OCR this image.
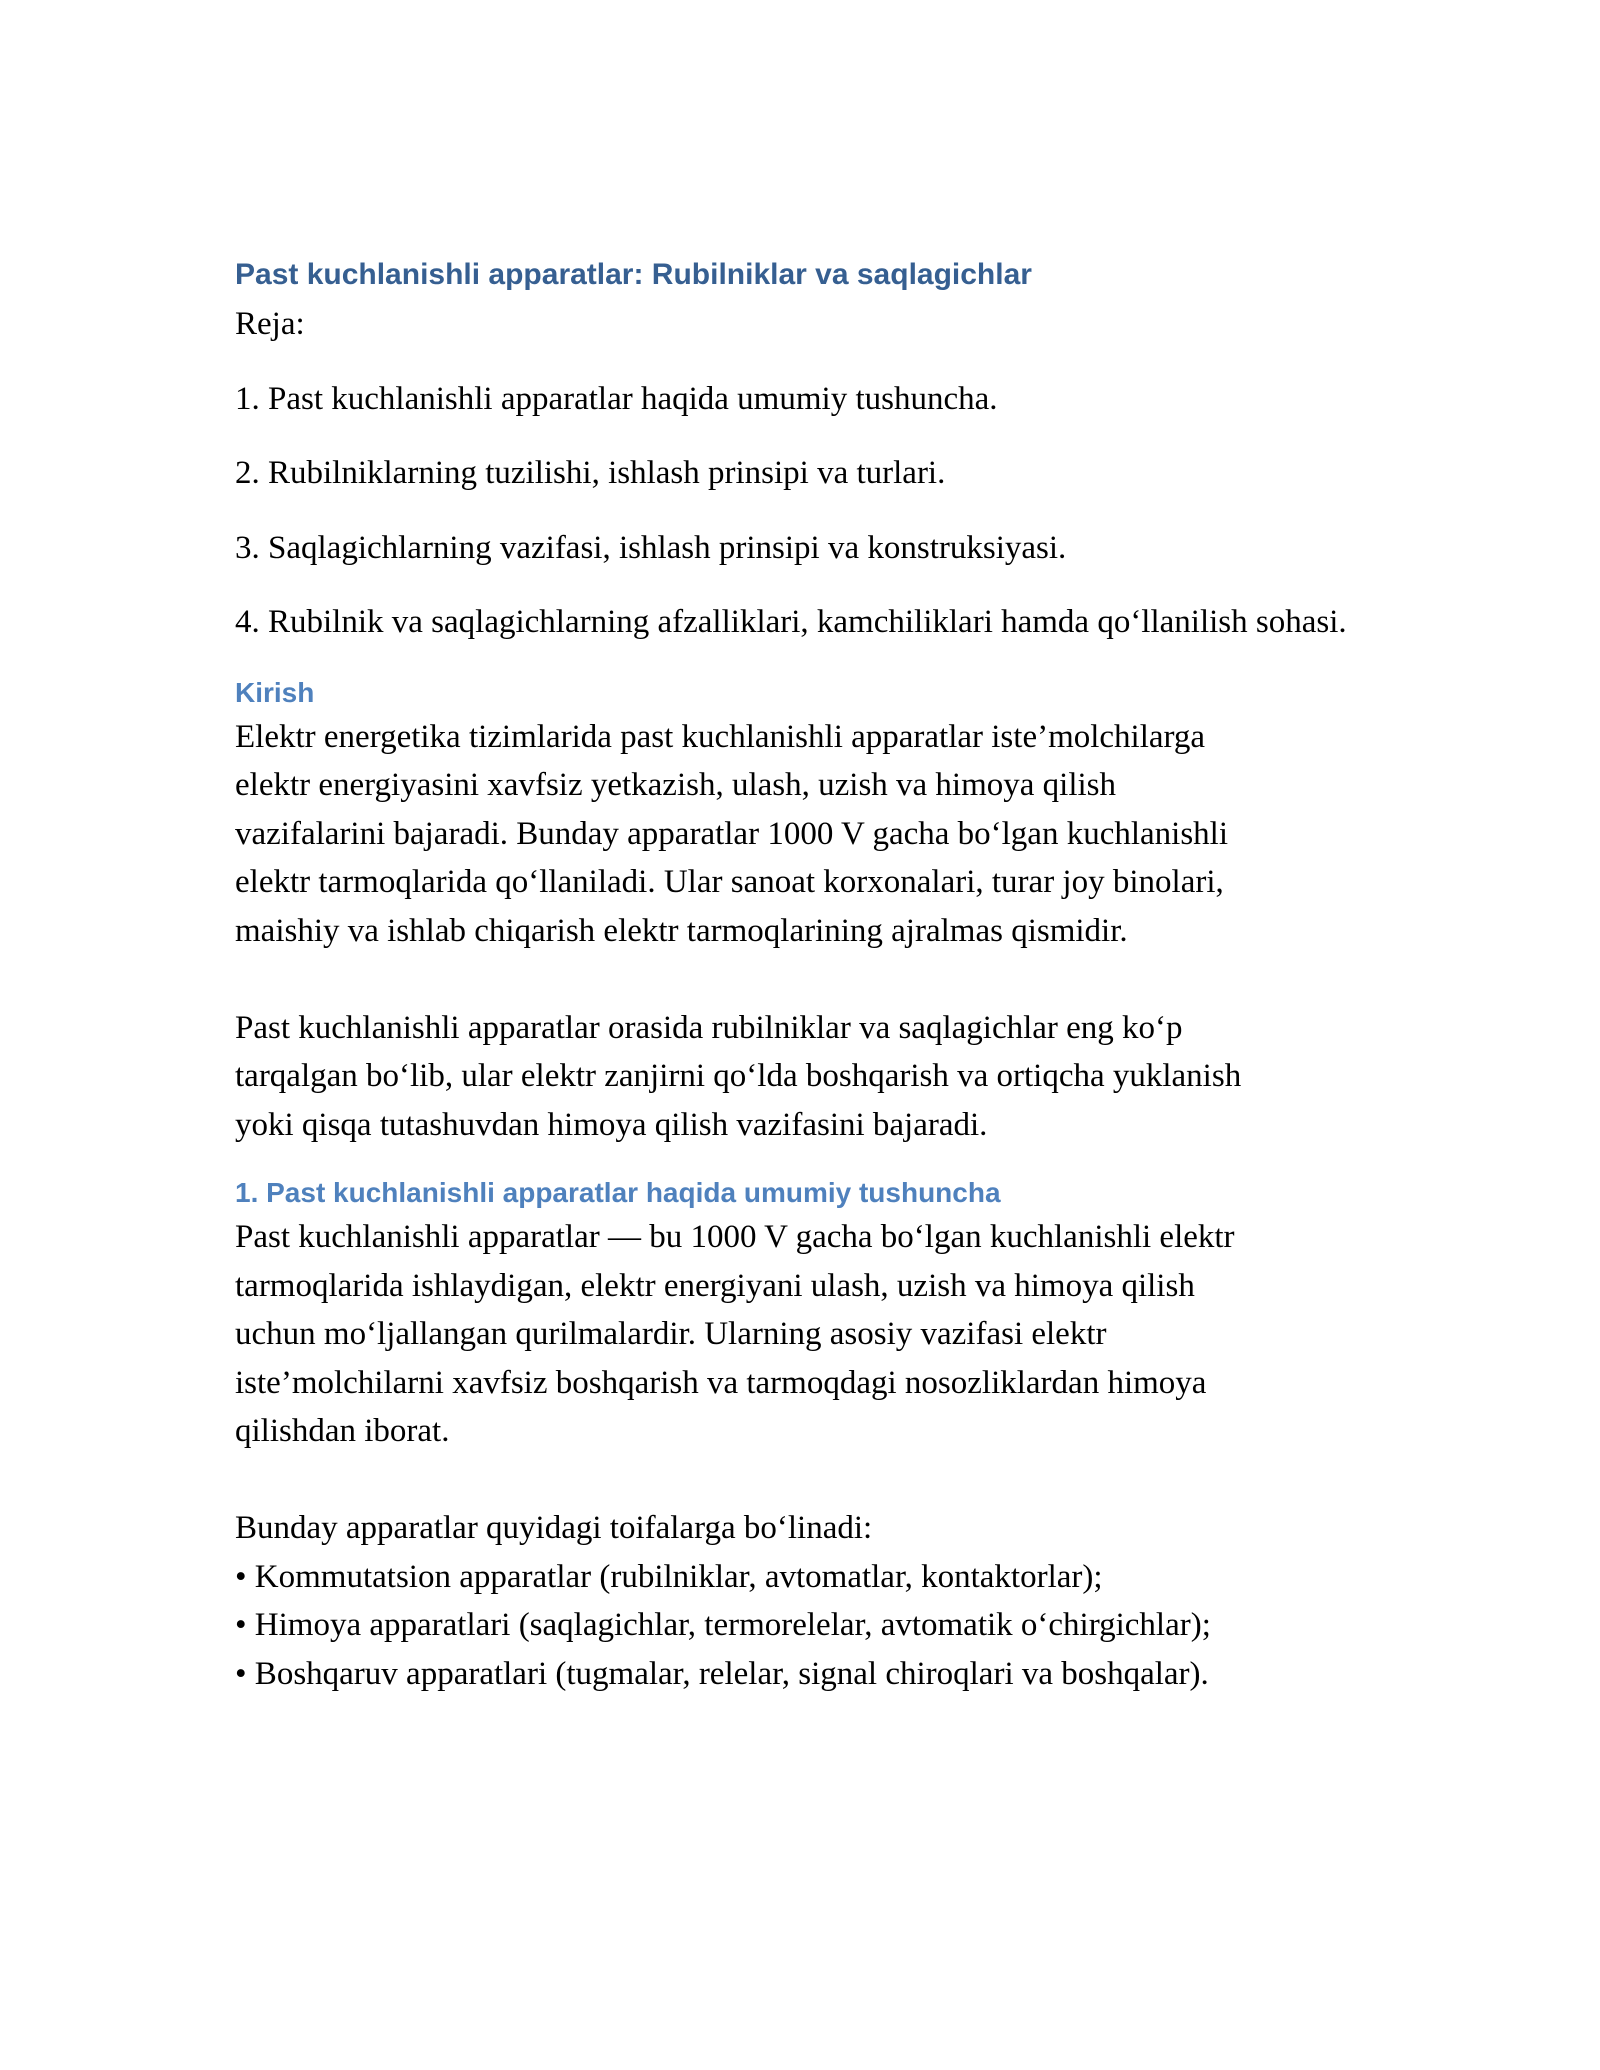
Past kuchlanishli apparatlar: Rubilniklar va saqlagichlar

Reja:

1. Past kuchlanishli apparatlar haqida umumiy tushuncha.

2. Rubilniklarning tuzilishi, ishlash prinsipi va turlari.

3. Saqlagichlarning vazifasi, ishlash prinsipi va konstruksiyasi.

4. Rubilnik va saqlagichlarning afzalliklari, kamchiliklari hamda qo‘llanilish sohasi.

Kirish

Elektr energetika tizimlarida past kuchlanishli apparatlar iste’molchilarga
elektr energiyasini xavfsiz yetkazish, ulash, uzish va himoya qilish
vazifalarini bajaradi. Bunday apparatlar 1000 V gacha bo‘lgan kuchlanishli
elektr tarmoqlarida qo‘llaniladi. Ular sanoat korxonalari, turar joy binolari,
maishiy va ishlab chiqarish elektr tarmoqlarining ajralmas qismidir.

Past kuchlanishli apparatlar orasida rubilniklar va saqlagichlar eng ko‘p
tarqalgan bo‘lib, ular elektr zanjirni qo‘lda boshqarish va ortiqcha yuklanish
yoki qisqa tutashuvdan himoya qilish vazifasini bajaradi.

1. Past kuchlanishli apparatlar haqida umumiy tushuncha

Past kuchlanishli apparatlar — bu 1000 V gacha bo‘lgan kuchlanishli elektr
tarmoqlarida ishlaydigan, elektr energiyani ulash, uzish va himoya qilish
uchun mo‘ljallangan qurilmalardir. Ularning asosiy vazifasi elektr
iste’molchilarni xavfsiz boshqarish va tarmoqdagi nosozliklardan himoya
qilishdan iborat.

Bunday apparatlar quyidagi toifalarga bo‘linadi:

• Kommutatsion apparatlar (rubilniklar, avtomatlar, kontaktorlar);

• Himoya apparatlari (saqlagichlar, termorelelar, avtomatik o‘chirgichlar);

• Boshqaruv apparatlari (tugmalar, relelar, signal chiroqlari va boshqalar).
